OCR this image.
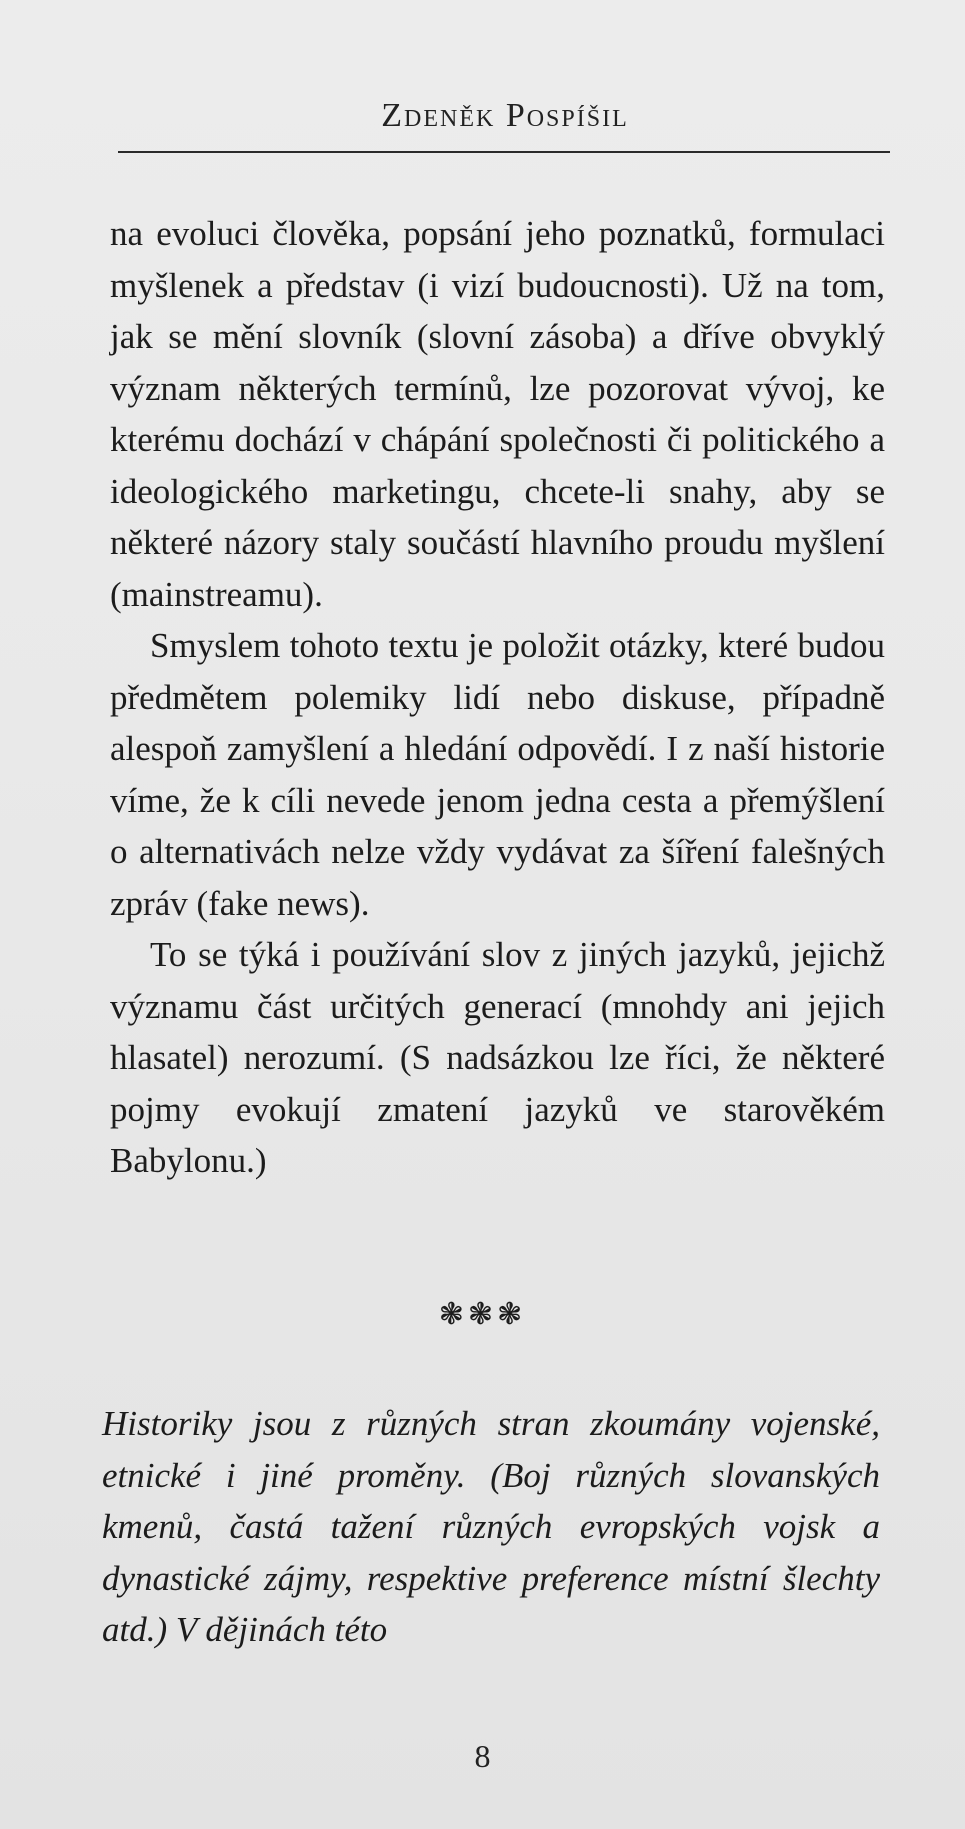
Zdeněk Pospíšil

na evoluci člověka, popsání jeho poznatků, formulaci myšlenek a představ (i vizí budoucnosti). Už na tom, jak se mění slovník (slovní zásoba) a dříve obvyklý význam některých termínů, lze pozorovat vývoj, ke kterému dochází v chápání společnosti či politického a ideologického marketingu, chcete-li snahy, aby se některé názory staly součástí hlavního proudu myšlení (mainstreamu).

Smyslem tohoto textu je položit otázky, které budou předmětem polemiky lidí nebo diskuse, případně alespoň zamyšlení a hledání odpovědí. I z naší historie víme, že k cíli nevede jenom jedna cesta a přemýšlení o alternativách nelze vždy vydávat za šíření falešných zpráv (fake news).

To se týká i používání slov z jiných jazyků, jejichž významu část určitých generací (mnohdy ani jejich hlasatel) nerozumí. (S nadsázkou lze říci, že některé pojmy evokují zmatení jazyků ve starověkém Babylonu.)

❃❃❃

Historiky jsou z různých stran zkoumány vojenské, etnické i jiné proměny. (Boj různých slovanských kmenů, častá tažení různých evropských vojsk a dynastické zájmy, respektive preference místní šlechty atd.) V dějinách této

8
